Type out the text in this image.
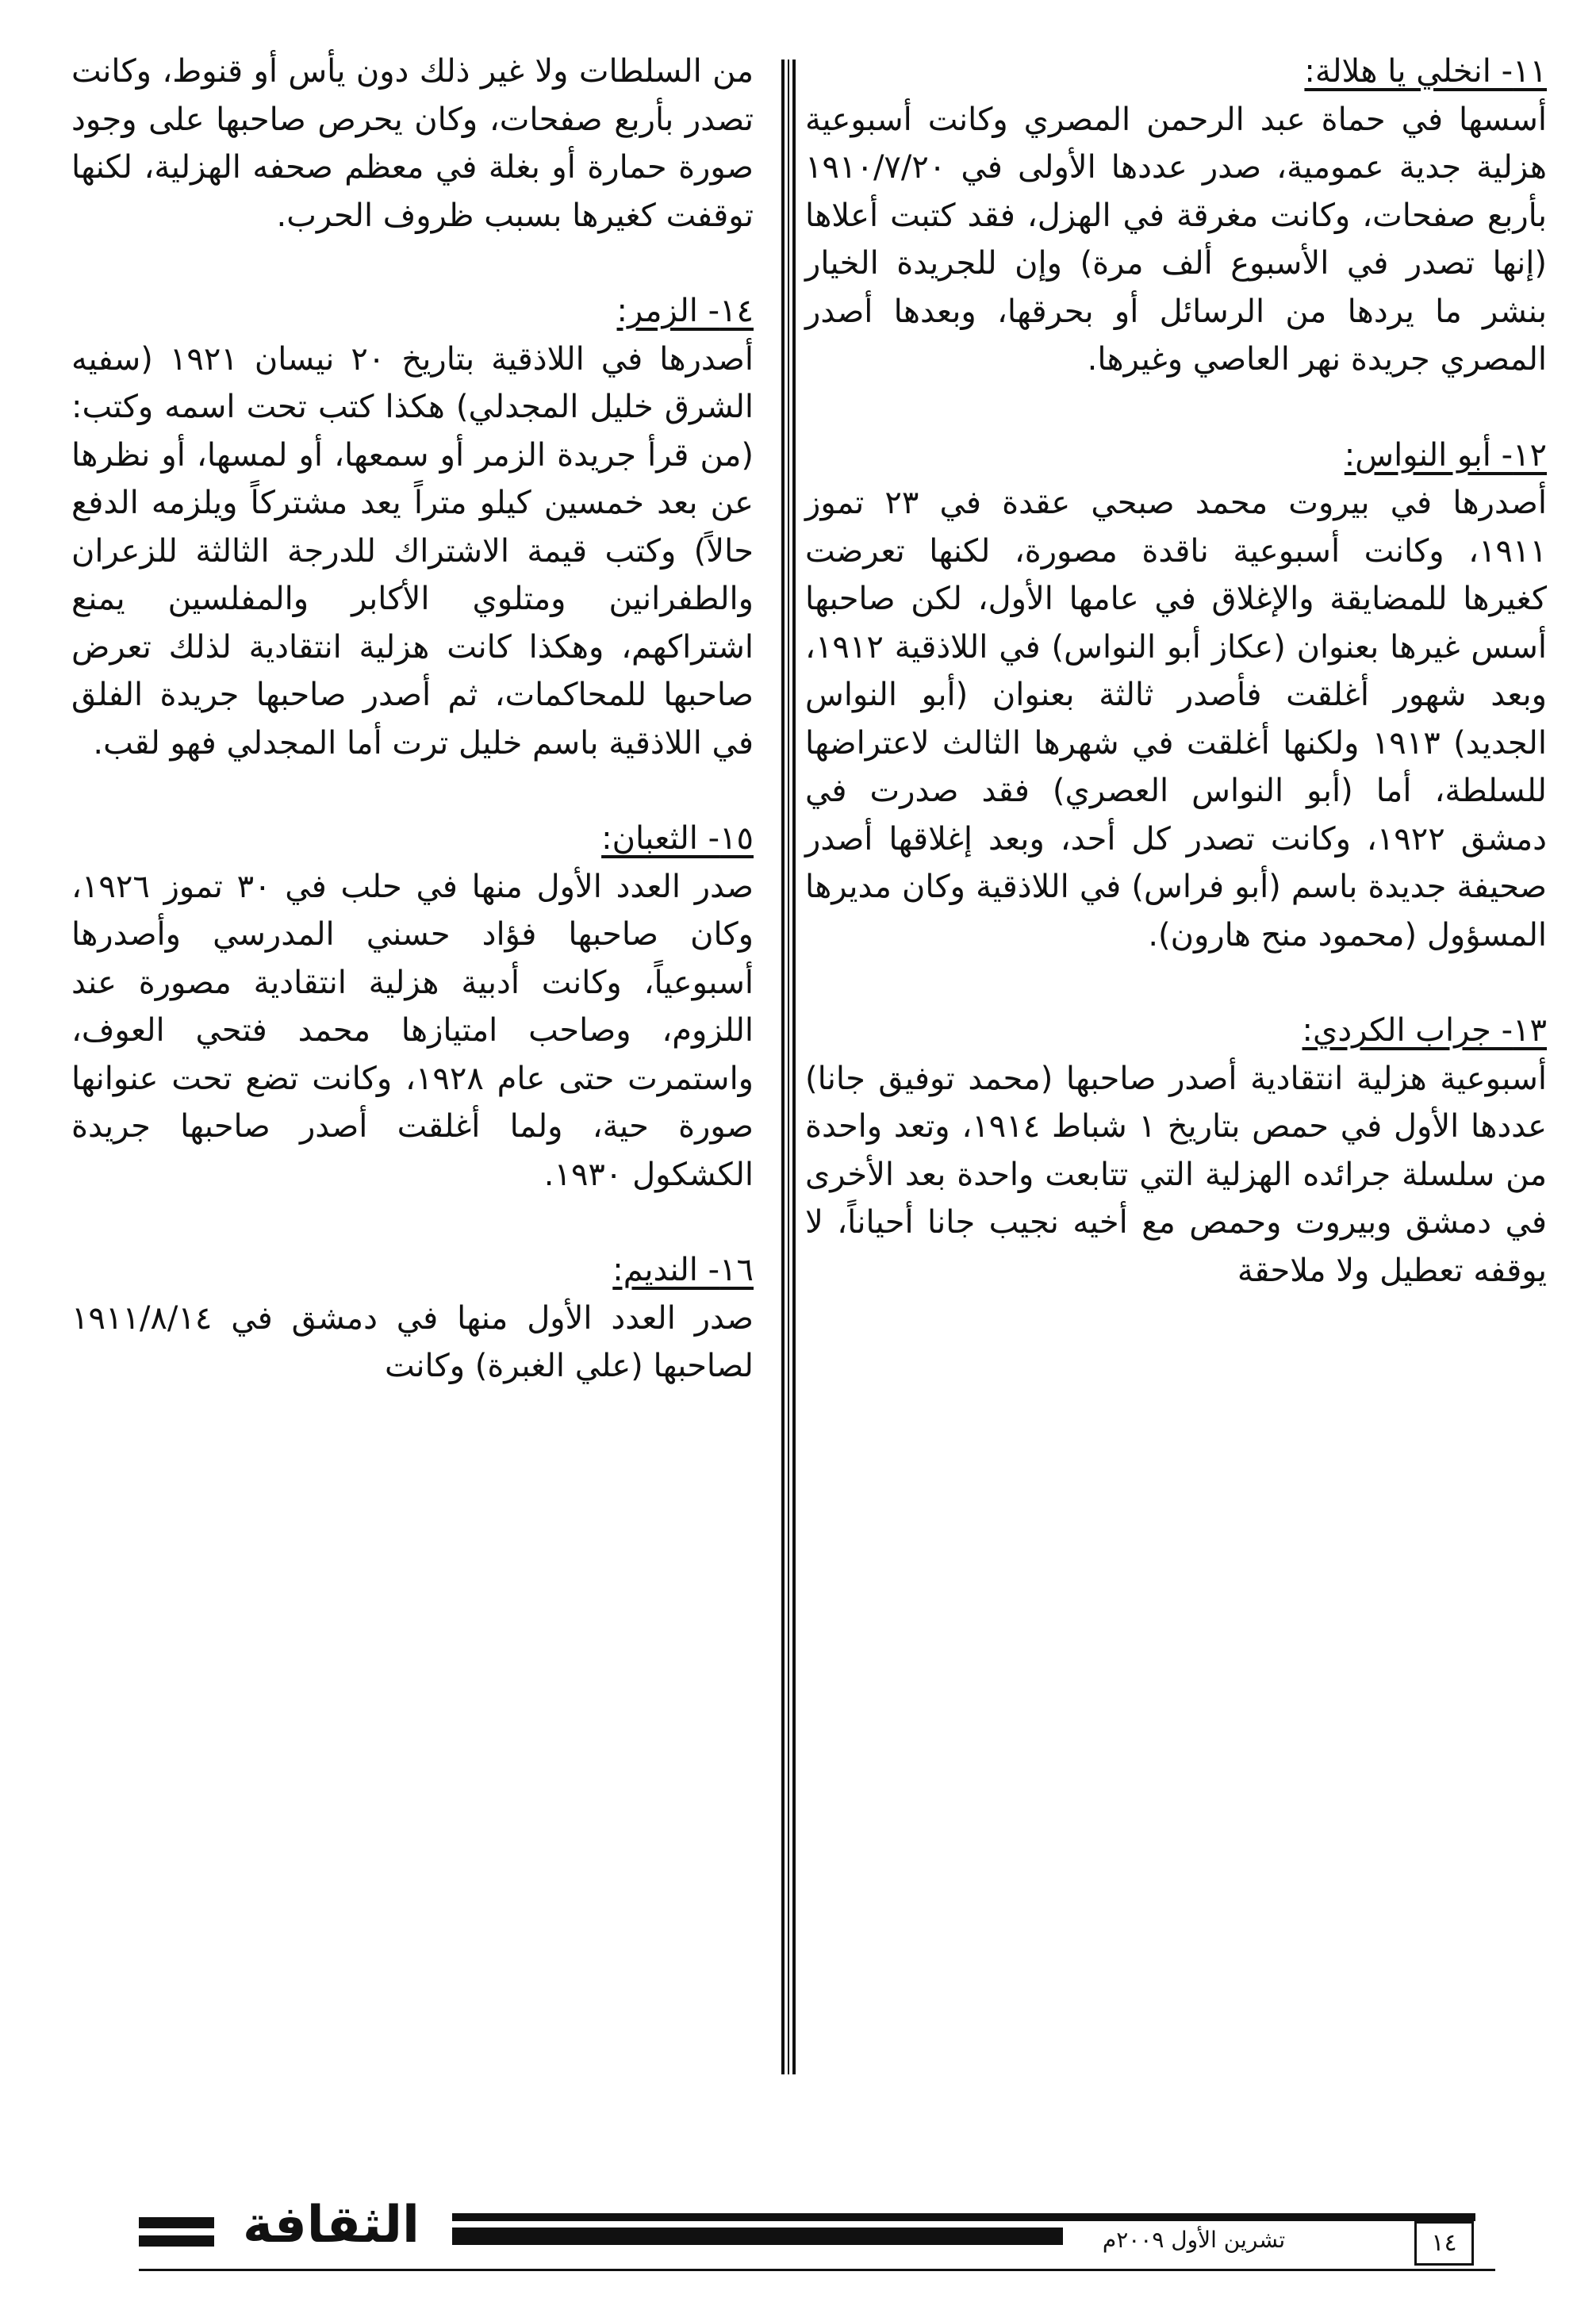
١١- انخلي يا هلالة:
أسسها في حماة عبد الرحمن المصري وكانت أسبوعية هزلية جدية عمومية، صدر عددها الأولى في ١٩١٠/٧/٢٠ بأربع صفحات، وكانت مغرقة في الهزل، فقد كتبت أعلاها (إنها تصدر في الأسبوع ألف مرة) وإن للجريدة الخيار بنشر ما يردها من الرسائل أو بحرقها، وبعدها أصدر المصري جريدة نهر العاصي وغيرها.
١٢- أبو النواس:
أصدرها في بيروت محمد صبحي عقدة في ٢٣ تموز ١٩١١، وكانت أسبوعية ناقدة مصورة، لكنها تعرضت كغيرها للمضايقة والإغلاق في عامها الأول، لكن صاحبها أسس غيرها بعنوان (عكاز أبو النواس) في اللاذقية ١٩١٢، وبعد شهور أغلقت فأصدر ثالثة بعنوان (أبو النواس الجديد) ١٩١٣ ولكنها أغلقت في شهرها الثالث لاعتراضها للسلطة، أما (أبو النواس العصري) فقد صدرت في دمشق ١٩٢٢، وكانت تصدر كل أحد، وبعد إغلاقها أصدر صحيفة جديدة باسم (أبو فراس) في اللاذقية وكان مديرها المسؤول (محمود منح هارون).
١٣- جراب الكردي:
أسبوعية هزلية انتقادية أصدر صاحبها (محمد توفيق جانا) عددها الأول في حمص بتاريخ ١ شباط ١٩١٤، وتعد واحدة من سلسلة جرائده الهزلية التي تتابعت واحدة بعد الأخرى في دمشق وبيروت وحمص مع أخيه نجيب جانا أحياناً، لا يوقفه تعطيل ولا ملاحقة
من السلطات ولا غير ذلك دون يأس أو قنوط، وكانت تصدر بأربع صفحات، وكان يحرص صاحبها على وجود صورة حمارة أو بغلة في معظم صحفه الهزلية، لكنها توقفت كغيرها بسبب ظروف الحرب.
١٤- الزمر:
أصدرها في اللاذقية بتاريخ ٢٠ نيسان ١٩٢١ (سفيه الشرق خليل المجدلي) هكذا كتب تحت اسمه وكتب: (من قرأ جريدة الزمر أو سمعها، أو لمسها، أو نظرها عن بعد خمسين كيلو متراً يعد مشتركاً ويلزمه الدفع حالاً) وكتب قيمة الاشتراك للدرجة الثالثة للزعران والطفرانين ومتلوي الأكابر والمفلسين يمنع اشتراكهم، وهكذا كانت هزلية انتقادية لذلك تعرض صاحبها للمحاكمات، ثم أصدر صاحبها جريدة الفلق في اللاذقية باسم خليل ترت أما المجدلي فهو لقب.
١٥- الثعبان:
صدر العدد الأول منها في حلب في ٣٠ تموز ١٩٢٦، وكان صاحبها فؤاد حسني المدرسي وأصدرها أسبوعياً، وكانت أدبية هزلية انتقادية مصورة عند اللزوم، وصاحب امتيازها محمد فتحي العوف، واستمرت حتى عام ١٩٢٨، وكانت تضع تحت عنوانها صورة حية، ولما أغلقت أصدر صاحبها جريدة الكشكول ١٩٣٠.
١٦- النديم:
صدر العدد الأول منها في دمشق في ١٩١١/٨/١٤ لصاحبها (علي الغبرة) وكانت
الثقافة	تشرين الأول ٢٠٠٩م	١٤
